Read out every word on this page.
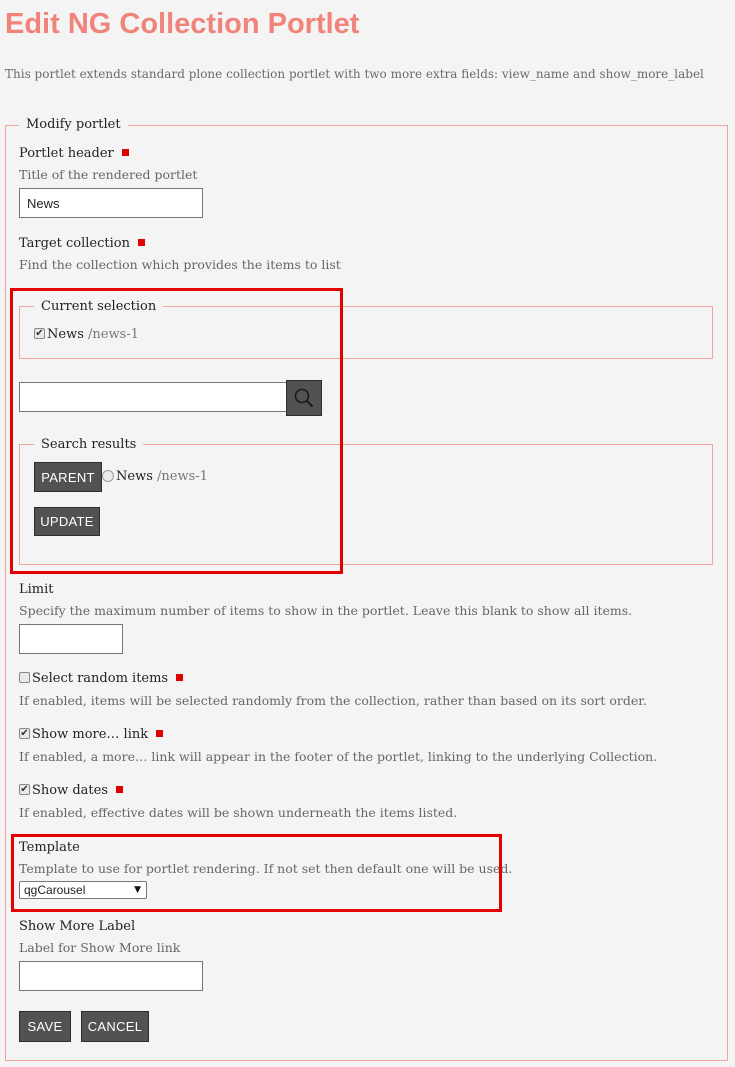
Edit NG Collection Portlet
This portlet extends standard plone collection portlet with two more extra fields: view_name and show_more_label
Modify portlet
Portlet header
Title of the rendered portlet
News
Target collection
Find the collection which provides the items to list
Current selection
✔ News /news-1
Search results
PARENT	News /news-1
UPDATE
Limit
Specify the maximum number of items to show in the portlet. Leave this blank to show all items.
Select random items
If enabled, items will be selected randomly from the collection, rather than based on its sort order.
✔ Show more… link
If enabled, a more… link will appear in the footer of the portlet, linking to the underlying Collection.
✔ Show dates
If enabled, effective dates will be shown underneath the items listed.
Template
Template to use for portlet rendering. If not set then default one will be used.
qgCarousel	▼
Show More Label
Label for Show More link
SAVE	CANCEL
